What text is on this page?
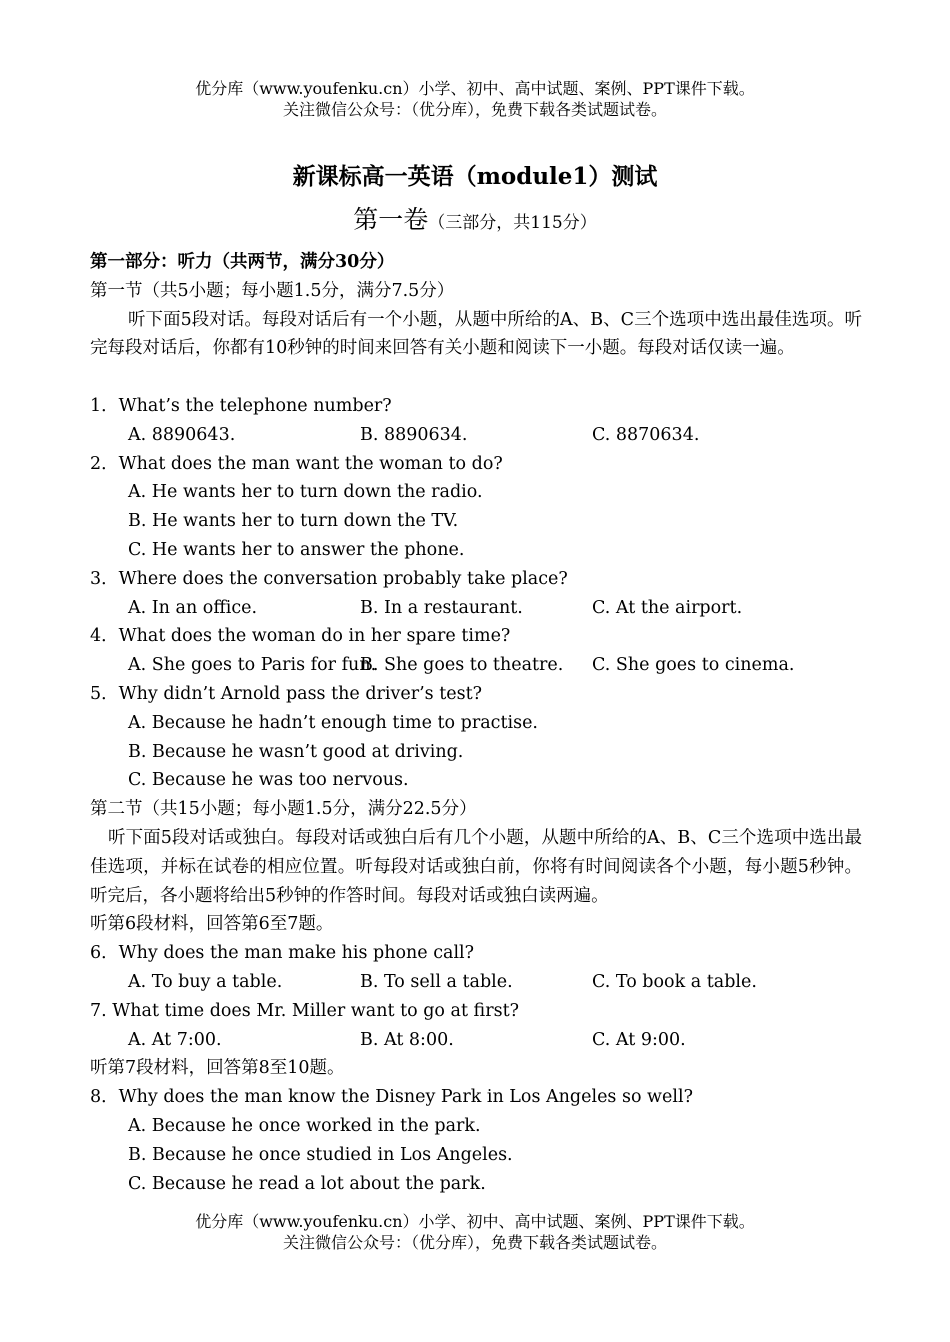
优分库（www.youfenku.cn）小学、初中、高中试题、案例、PPT课件下载。
关注微信公众号：（优分库），免费下载各类试题试卷。
新课标高一英语（module1）测试
第一卷（三部分，共115分）
第一部分：听力（共两节，满分30分）
第一节（共5小题；每小题1.5分，满分7.5分）
听下面5段对话。每段对话后有一个小题，从题中所给的A、B、C三个选项中选出最佳选项。听完每段对话后，你都有10秒钟的时间来回答有关小题和阅读下一小题。每段对话仅读一遍。
1．What’s the telephone number?
A. 8890643.	B. 8890634.	C. 8870634.
2．What does the man want the woman to do?
A. He wants her to turn down the radio.
B. He wants her to turn down the TV.
C. He wants her to answer the phone.
3．Where does the conversation probably take place?
A. In an office.	B. In a restaurant.	C. At the airport.
4．What does the woman do in her spare time?
A. She goes to Paris for fun.
B. She goes to theatre.	C. She goes to cinema.
5．Why didn’t Arnold pass the driver’s test?
A. Because he hadn’t enough time to practise.
B. Because he wasn’t good at driving.
C. Because he was too nervous.
第二节（共15小题；每小题1.5分，满分22.5分）
听下面5段对话或独白。每段对话或独白后有几个小题，从题中所给的A、B、C三个选项中选出最佳选项，并标在试卷的相应位置。听每段对话或独白前，你将有时间阅读各个小题，每小题5秒钟。听完后，各小题将给出5秒钟的作答时间。每段对话或独白读两遍。
听第6段材料，回答第6至7题。
6．Why does the man make his phone call?
A. To buy a table.	B. To sell a table.	C. To book a table.
7. What time does Mr. Miller want to go at first?
A. At 7:00.	B. At 8:00.	C. At 9:00.
听第7段材料，回答第8至10题。
8．Why does the man know the Disney Park in Los Angeles so well?
A. Because he once worked in the park.
B. Because he once studied in Los Angeles.
C. Because he read a lot about the park.
优分库（www.youfenku.cn）小学、初中、高中试题、案例、PPT课件下载。
关注微信公众号：（优分库），免费下载各类试题试卷。
